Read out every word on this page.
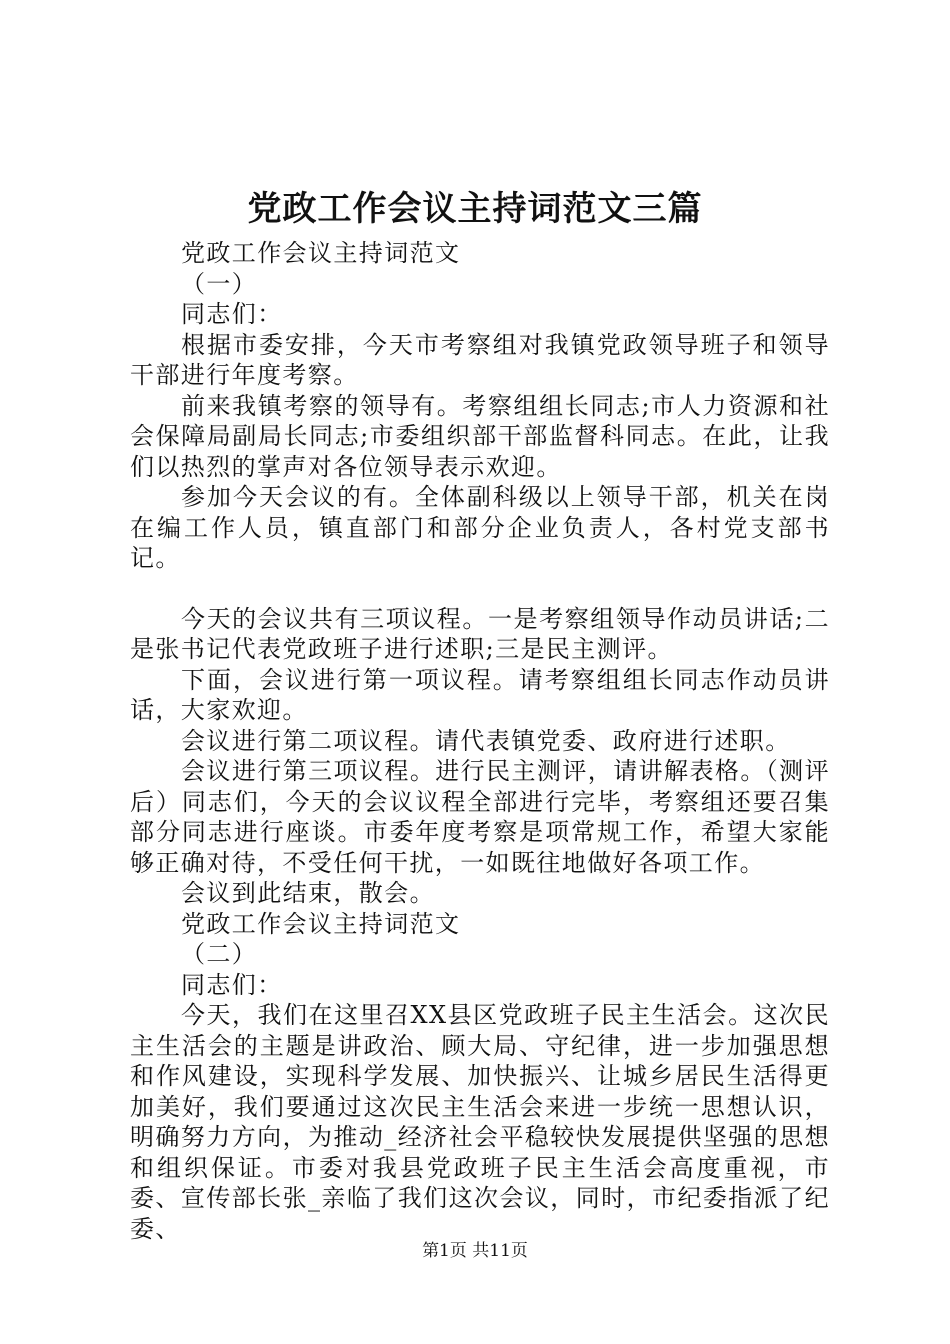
党政工作会议主持词范文三篇

党政工作会议主持词范文

（一）

同志们：

根据市委安排，今天市考察组对我镇党政领导班子和领导干部进行年度考察。

前来我镇考察的领导有。考察组组长同志;市人力资源和社会保障局副局长同志;市委组织部干部监督科同志。在此，让我们以热烈的掌声对各位领导表示欢迎。

参加今天会议的有。全体副科级以上领导干部，机关在岗在编工作人员，镇直部门和部分企业负责人，各村党支部书记。

今天的会议共有三项议程。一是考察组领导作动员讲话;二是张书记代表党政班子进行述职;三是民主测评。

下面，会议进行第一项议程。请考察组组长同志作动员讲话，大家欢迎。

会议进行第二项议程。请代表镇党委、政府进行述职。

会议进行第三项议程。进行民主测评，请讲解表格。（测评后）同志们，今天的会议议程全部进行完毕，考察组还要召集部分同志进行座谈。市委年度考察是项常规工作，希望大家能够正确对待，不受任何干扰，一如既往地做好各项工作。

会议到此结束，散会。

党政工作会议主持词范文

（二）

同志们：

今天，我们在这里召XX县区党政班子民主生活会。这次民主生活会的主题是讲政治、顾大局、守纪律，进一步加强思想和作风建设，实现科学发展、加快振兴、让城乡居民生活得更加美好，我们要通过这次民主生活会来进一步统一思想认识，明确努力方向，为推动_经济社会平稳较快发展提供坚强的思想和组织保证。市委对我县党政班子民主生活会高度重视，市委、宣传部长张_亲临了我们这次会议，同时，市纪委指派了纪委、

第1页 共11页
